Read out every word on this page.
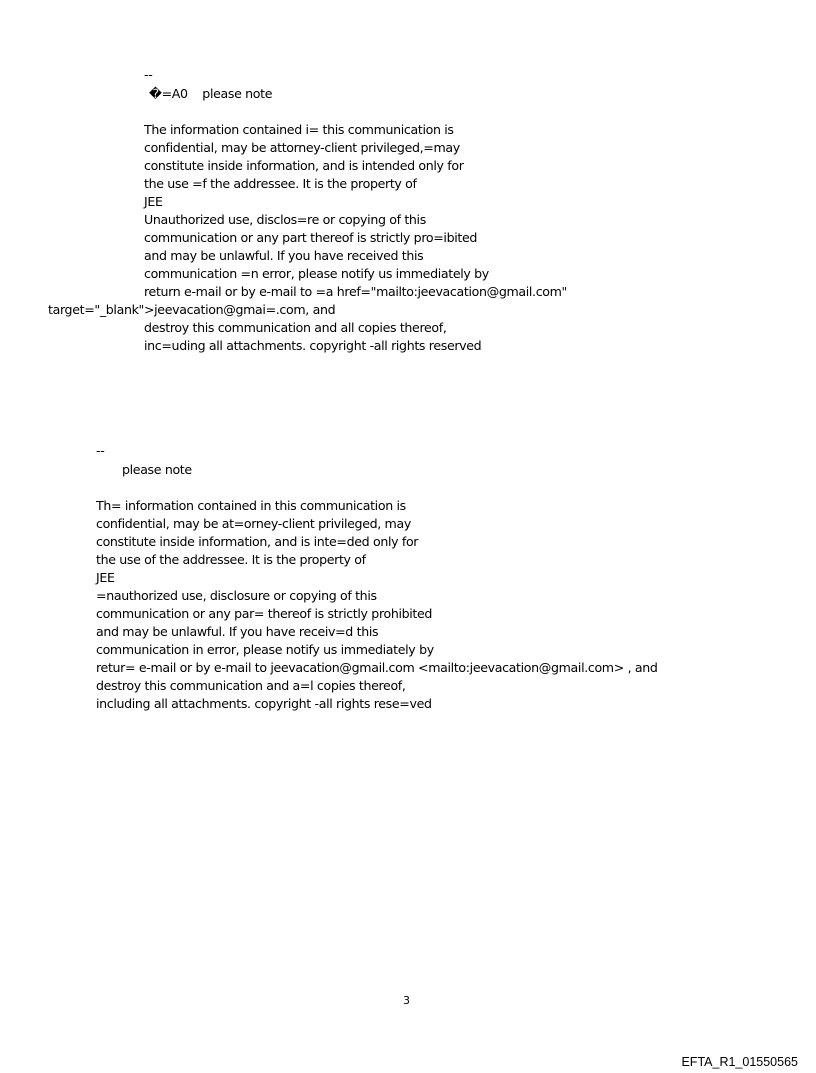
--
�=A0    please note
The information contained i= this communication is
confidential, may be attorney-client privileged,=may
constitute inside information, and is intended only for
the use =f the addressee. It is the property of
JEE
Unauthorized use, disclos=re or copying of this
communication or any part thereof is strictly pro=ibited
and may be unlawful. If you have received this
communication =n error, please notify us immediately by
return e-mail or by e-mail to =a href="mailto:jeevacation@gmail.com"
target="_blank">jeevacation@gmai=.com, and
destroy this communication and all copies thereof,
inc=uding all attachments. copyright -all rights reserved
--
please note
Th= information contained in this communication is
confidential, may be at=orney-client privileged, may
constitute inside information, and is inte=ded only for
the use of the addressee. It is the property of
JEE
=nauthorized use, disclosure or copying of this
communication or any par= thereof is strictly prohibited
and may be unlawful. If you have receiv=d this
communication in error, please notify us immediately by
retur= e-mail or by e-mail to jeevacation@gmail.com <mailto:jeevacation@gmail.com> , and
destroy this communication and a=l copies thereof,
including all attachments. copyright -all rights rese=ved
3
EFTA_R1_01550565
